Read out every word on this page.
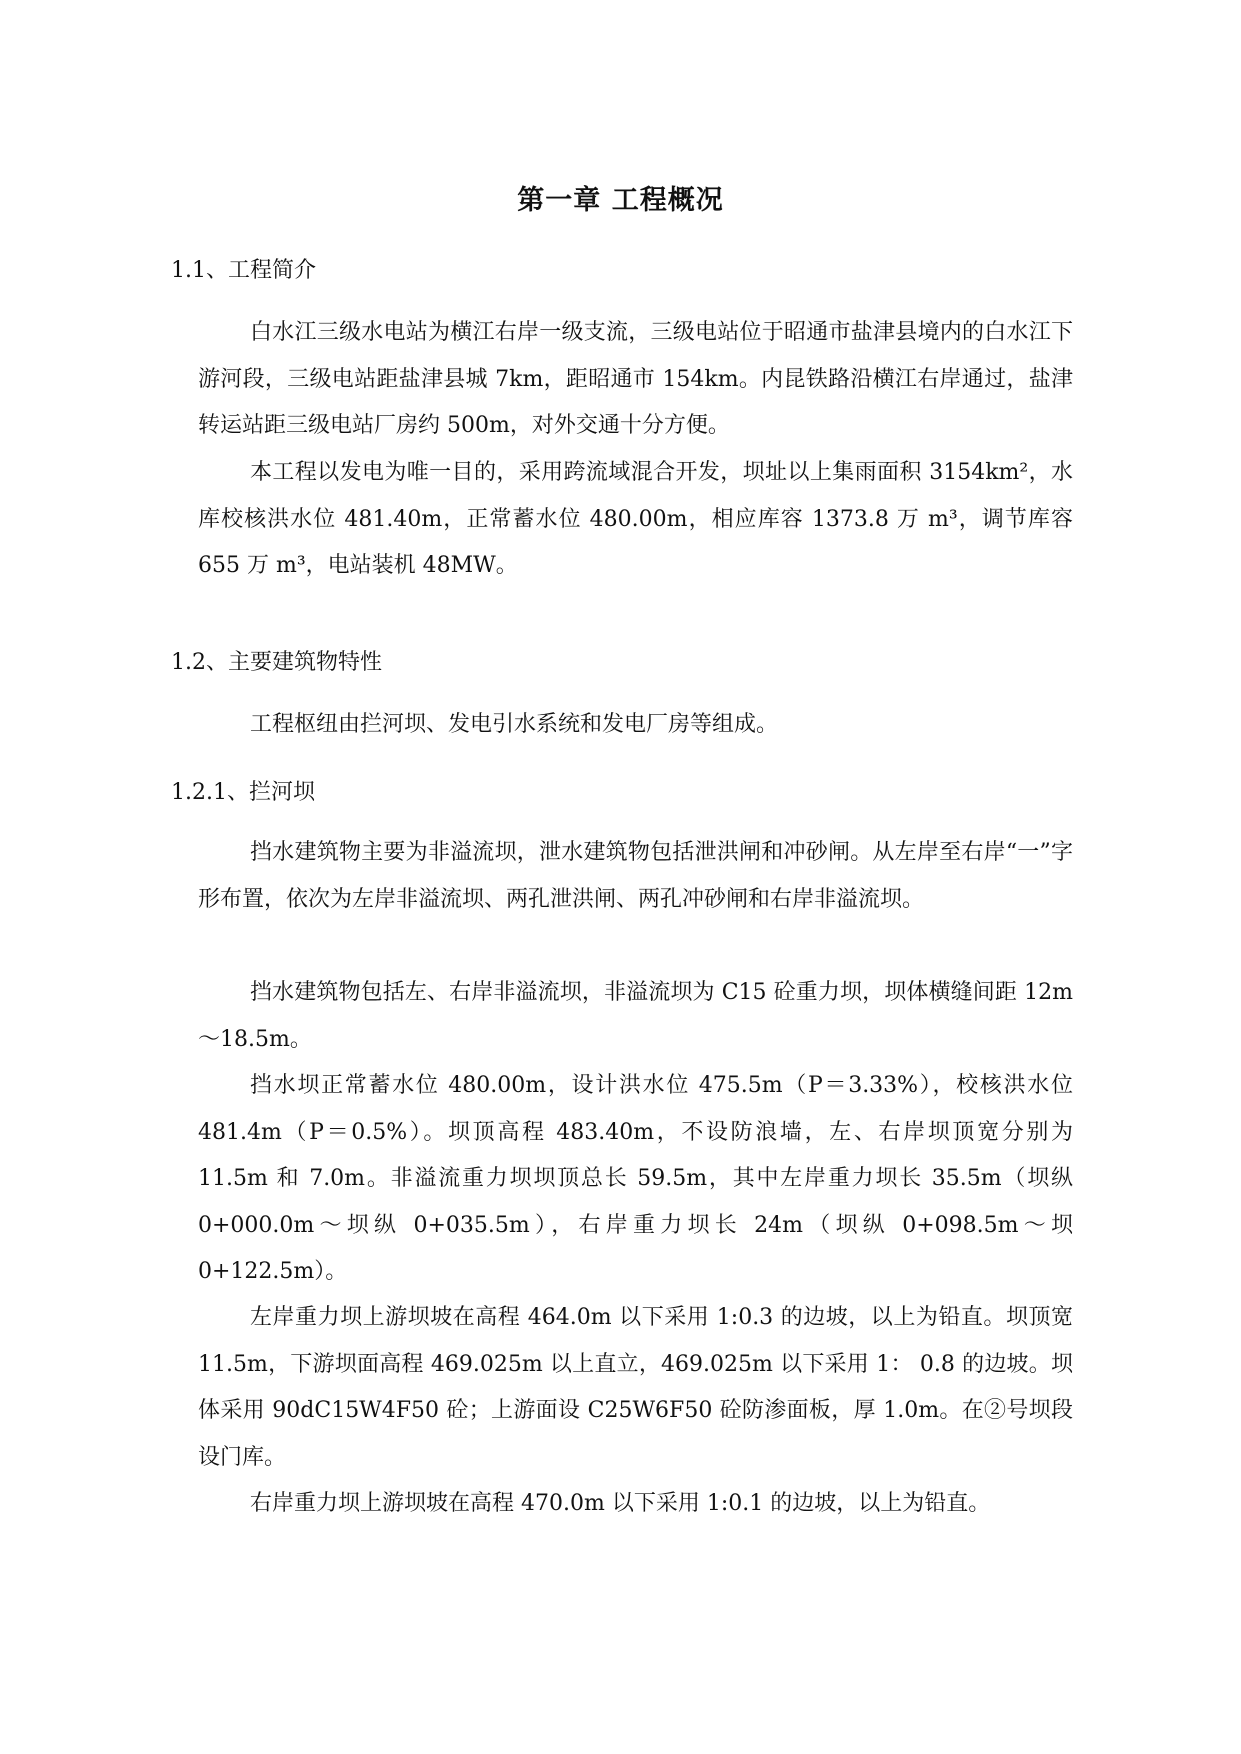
第一章 工程概况
1.1、工程简介

白水江三级水电站为横江右岸一级支流，三级电站位于昭通市盐津县境内的白水江下游河段，三级电站距盐津县城 7km，距昭通市 154km。内昆铁路沿横江右岸通过，盐津转运站距三级电站厂房约 500m，对外交通十分方便。

本工程以发电为唯一目的，采用跨流域混合开发，坝址以上集雨面积 3154km²，水库校核洪水位 481.40m，正常蓄水位 480.00m，相应库容 1373.8 万 m³，调节库容 655 万 m³，电站装机 48MW。

1.2、主要建筑物特性

工程枢纽由拦河坝、发电引水系统和发电厂房等组成。

1.2.1、拦河坝

挡水建筑物主要为非溢流坝，泄水建筑物包括泄洪闸和冲砂闸。从左岸至右岸“一”字形布置，依次为左岸非溢流坝、两孔泄洪闸、两孔冲砂闸和右岸非溢流坝。

挡水建筑物包括左、右岸非溢流坝，非溢流坝为 C15 砼重力坝，坝体横缝间距 12m～18.5m。

挡水坝正常蓄水位 480.00m，设计洪水位 475.5m（P＝3.33%），校核洪水位 481.4m（P＝0.5%）。坝顶高程 483.40m，不设防浪墙，左、右岸坝顶宽分别为 11.5m 和 7.0m。非溢流重力坝坝顶总长 59.5m，其中左岸重力坝长 35.5m（坝纵 0+000.0m～坝纵 0+035.5m），右岸重力坝长 24m（坝纵 0+098.5m～坝 0+122.5m）。

左岸重力坝上游坝坡在高程 464.0m 以下采用 1:0.3 的边坡，以上为铅直。坝顶宽 11.5m，下游坝面高程 469.025m 以上直立，469.025m 以下采用 1： 0.8 的边坡。坝体采用 90dC15W4F50 砼；上游面设 C25W6F50 砼防渗面板，厚 1.0m。在②号坝段设门库。

右岸重力坝上游坝坡在高程 470.0m 以下采用 1:0.1 的边坡，以上为铅直。
